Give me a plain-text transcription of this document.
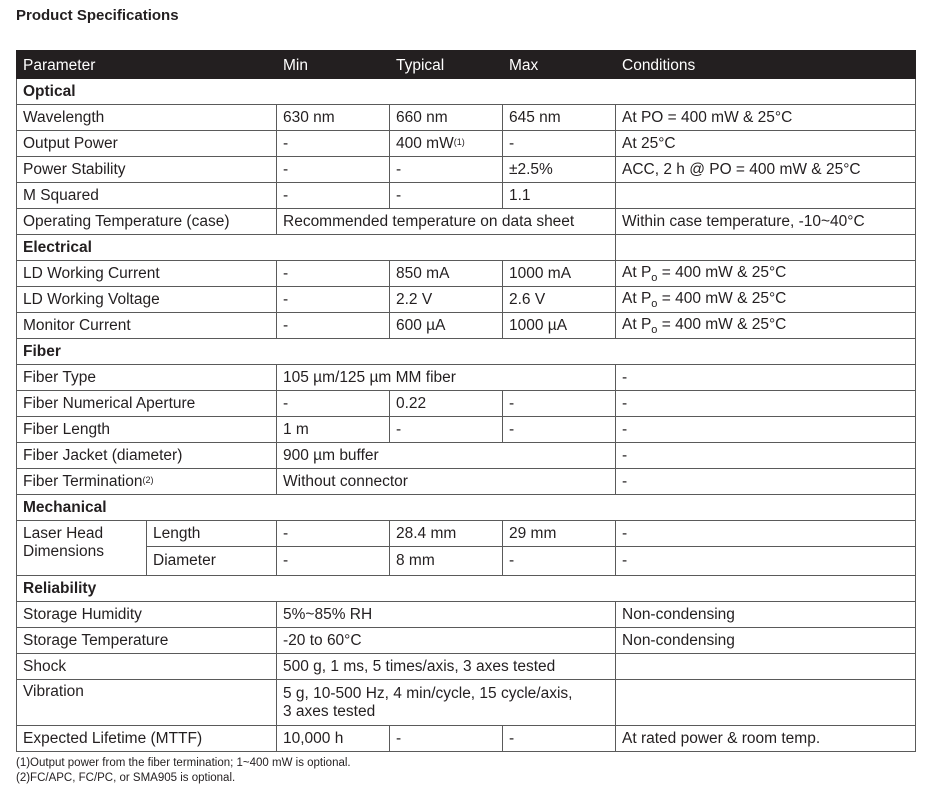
Product Specifications
Parameter		Min	Typical	Max	Conditions
Optical					
Wavelength		630 nm	660 nm	645 nm	At PO = 400 mW & 25°C
Output Power		-	400 mW$^{(1)}$	-	At 25°C
Power Stability		-	-	±2.5%	ACC, 2 h @ PO = 400 mW & 25°C
M Squared		-	-	1.1	
Operating Temperature (case)		Recommended temperature on data sheet			Within case temperature, -10~40°C
Electrical					
LD Working Current		-	850 mA	1000 mA	At $P_o = 400$ mW & 25°C
LD Working Voltage		-	2.2 V	2.6 V	At $P_o = 400$ mW & 25°C
Monitor Current		-	600 µA	1000 µA	At $P_o = 400$ mW & 25°C
Fiber					
Fiber Type		105 µm/125 µm MM fiber			-
Fiber Numerical Aperture		-	0.22	-	-
Fiber Length		1 m	-	-	-
Fiber Jacket (diameter)		900 µm buffer			-
Fiber Termination$^{(2)}$		Without connector			-
Mechanical					
Laser Head Dimensions	Length	-	28.4 mm	29 mm	-
	Diameter	-	8 mm	-	-
Reliability					
Storage Humidity		5%~85% RH			Non-condensing
Storage Temperature		-20 to 60°C			Non-condensing
Shock		500 g, 1 ms, 5 times/axis, 3 axes tested			
Vibration		5 g, 10-500 Hz, 4 min/cycle, 15 cycle/axis, 3 axes tested			
Expected Lifetime (MTTF)		10,000 h	-	-	At rated power & room temp.
(1)Output power from the fiber termination; 1~400 mW is optional.
(2)FC/APC, FC/PC, or SMA905 is optional.
